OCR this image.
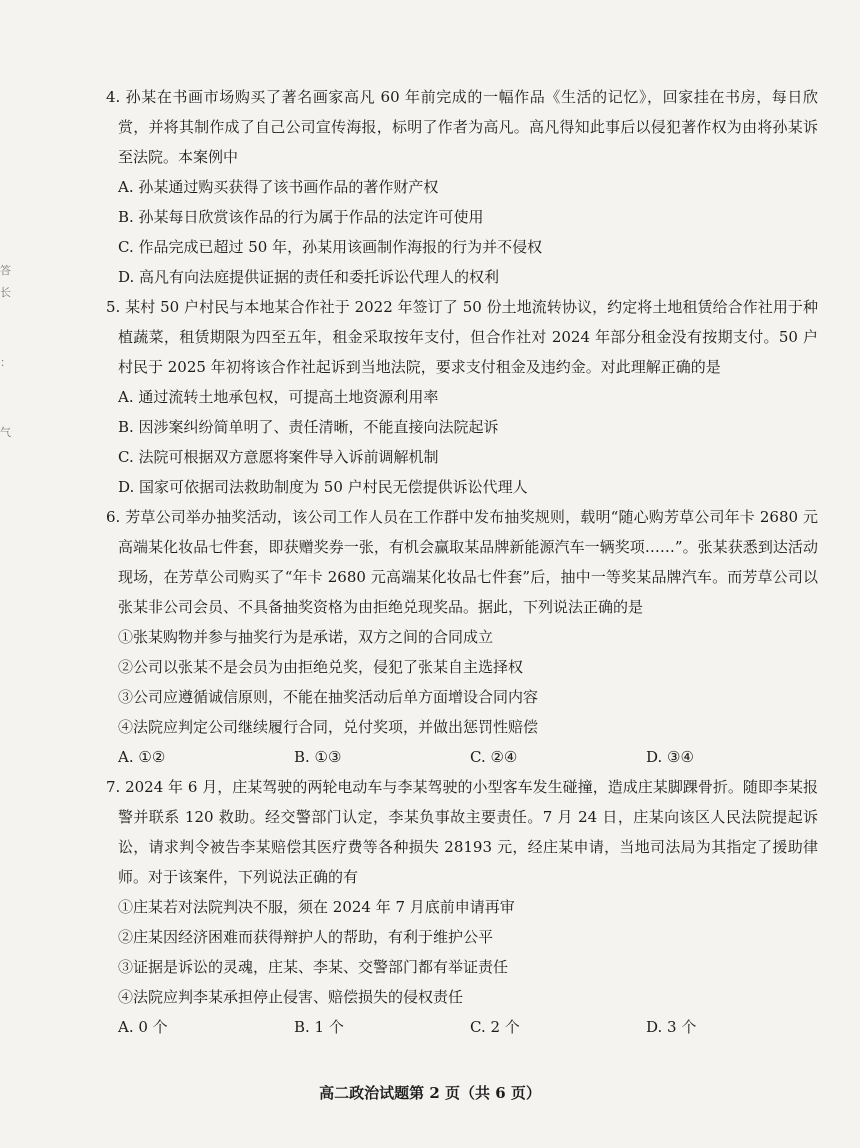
答
长
：
气

4. 孙某在书画市场购买了著名画家高凡 60 年前完成的一幅作品《生活的记忆》，回家挂在书房，每日欣赏，并将其制作成了自己公司宣传海报，标明了作者为高凡。高凡得知此事后以侵犯著作权为由将孙某诉至法院。本案例中

A. 孙某通过购买获得了该书画作品的著作财产权

B. 孙某每日欣赏该作品的行为属于作品的法定许可使用

C. 作品完成已超过 50 年，孙某用该画制作海报的行为并不侵权

D. 高凡有向法庭提供证据的责任和委托诉讼代理人的权利

5. 某村 50 户村民与本地某合作社于 2022 年签订了 50 份土地流转协议，约定将土地租赁给合作社用于种植蔬菜，租赁期限为四至五年，租金采取按年支付，但合作社对 2024 年部分租金没有按期支付。50 户村民于 2025 年初将该合作社起诉到当地法院，要求支付租金及违约金。对此理解正确的是

A. 通过流转土地承包权，可提高土地资源利用率

B. 因涉案纠纷简单明了、责任清晰，不能直接向法院起诉

C. 法院可根据双方意愿将案件导入诉前调解机制

D. 国家可依据司法救助制度为 50 户村民无偿提供诉讼代理人

6. 芳草公司举办抽奖活动，该公司工作人员在工作群中发布抽奖规则，载明“随心购芳草公司年卡 2680 元高端某化妆品七件套，即获赠奖券一张，有机会赢取某品牌新能源汽车一辆奖项……”。张某获悉到达活动现场，在芳草公司购买了“年卡 2680 元高端某化妆品七件套”后，抽中一等奖某品牌汽车。而芳草公司以张某非公司会员、不具备抽奖资格为由拒绝兑现奖品。据此，下列说法正确的是

①张某购物并参与抽奖行为是承诺，双方之间的合同成立

②公司以张某不是会员为由拒绝兑奖，侵犯了张某自主选择权

③公司应遵循诚信原则，不能在抽奖活动后单方面增设合同内容

④法院应判定公司继续履行合同，兑付奖项，并做出惩罚性赔偿

A. ①②	B. ①③	C. ②④	D. ③④

7. 2024 年 6 月，庄某驾驶的两轮电动车与李某驾驶的小型客车发生碰撞，造成庄某脚踝骨折。随即李某报警并联系 120 救助。经交警部门认定，李某负事故主要责任。7 月 24 日，庄某向该区人民法院提起诉讼，请求判令被告李某赔偿其医疗费等各种损失 28193 元，经庄某申请，当地司法局为其指定了援助律师。对于该案件，下列说法正确的有

①庄某若对法院判决不服，须在 2024 年 7 月底前申请再审

②庄某因经济困难而获得辩护人的帮助，有利于维护公平

③证据是诉讼的灵魂，庄某、李某、交警部门都有举证责任

④法院应判李某承担停止侵害、赔偿损失的侵权责任

A. 0 个	B. 1 个	C. 2 个	D. 3 个
高二政治试题第 2 页（共 6 页）
